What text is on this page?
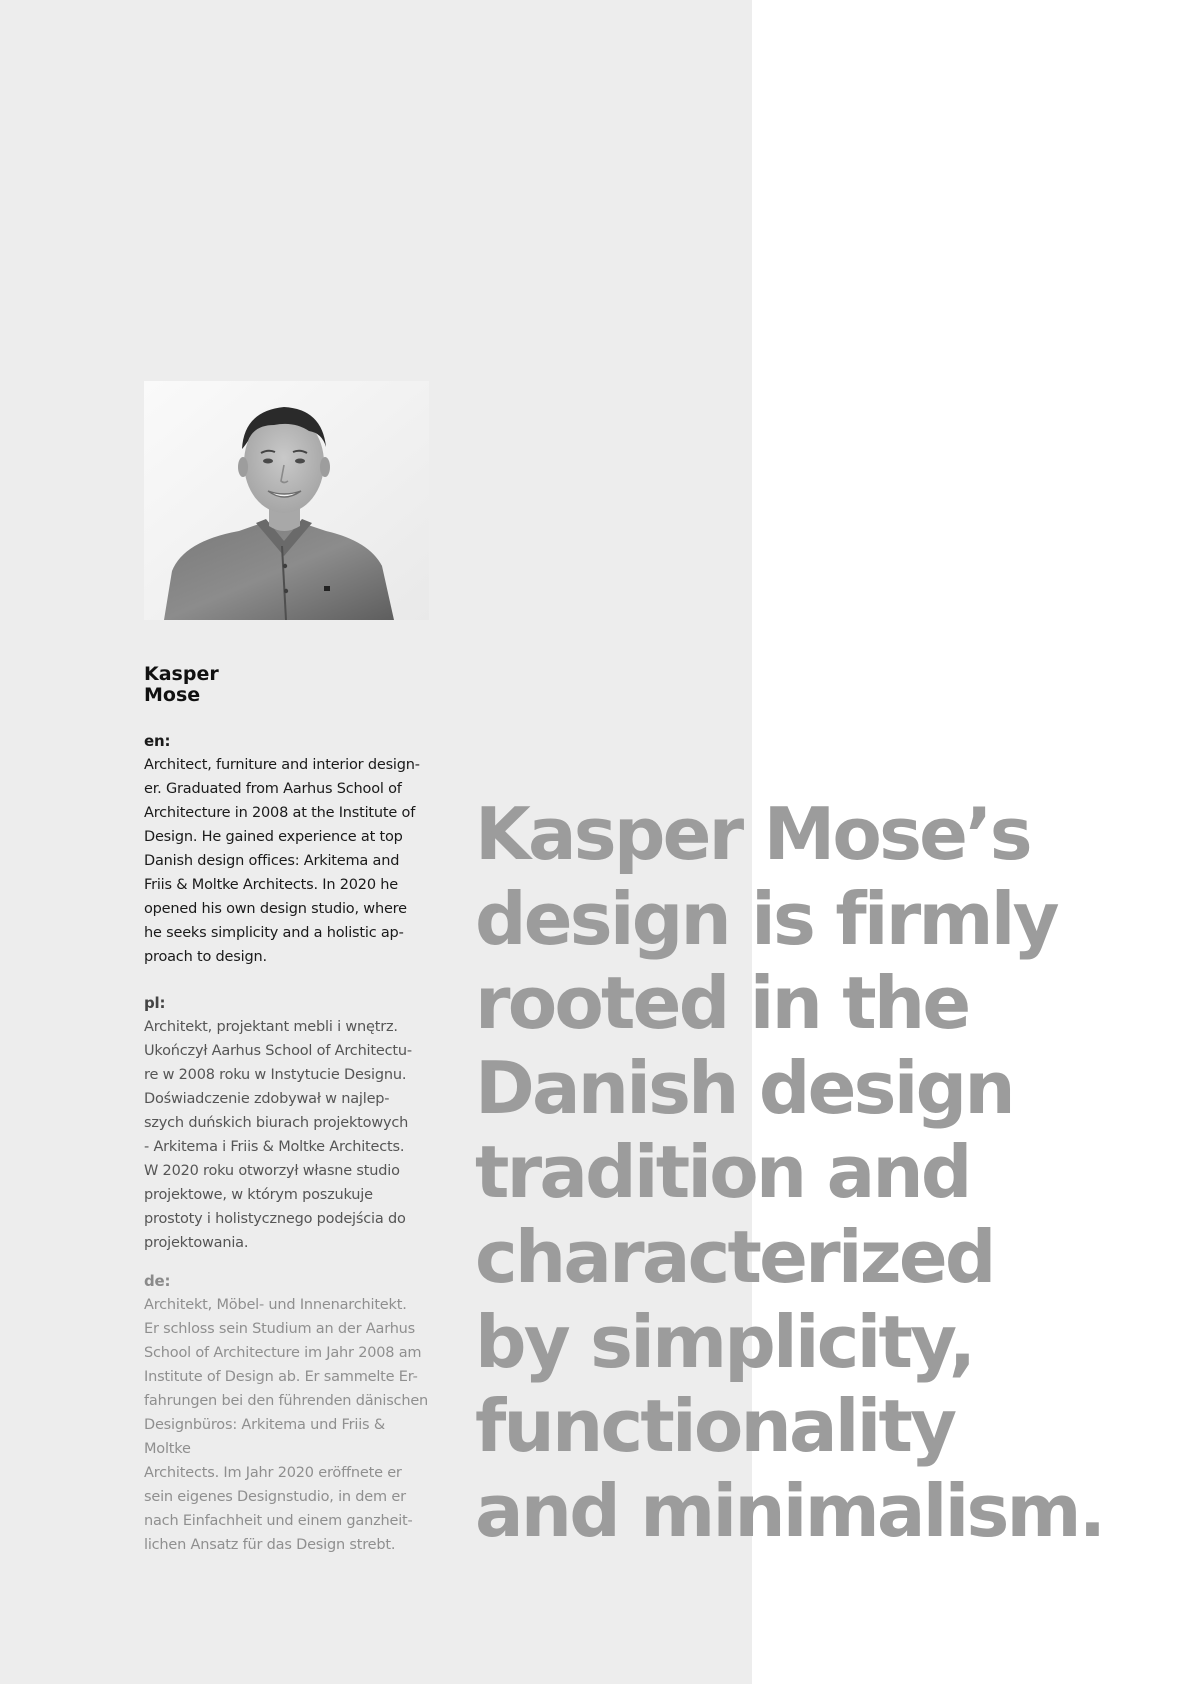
Kasper
Mose
en:
Architect, furniture and interior design-
er. Graduated from Aarhus School of
Architecture in 2008 at the Institute of
Design. He gained experience at top
Danish design offices: Arkitema and
Friis & Moltke Architects. In 2020 he
opened his own design studio, where
he seeks simplicity and a holistic ap-
proach to design.
pl:
Architekt, projektant mebli i wnętrz.
Ukończył Aarhus School of Architectu-
re w 2008 roku w Instytucie Designu.
Doświadczenie zdobywał w najlep-
szych duńskich biurach projektowych
- Arkitema i Friis & Moltke Architects.
W 2020 roku otworzył własne studio
projektowe, w którym poszukuje
prostoty i holistycznego podejścia do
projektowania.
de:
Architekt, Möbel- und Innenarchitekt.
Er schloss sein Studium an der Aarhus
School of Architecture im Jahr 2008 am
Institute of Design ab. Er sammelte Er-
fahrungen bei den führenden dänischen
Designbüros: Arkitema und Friis & Moltke
Architects. Im Jahr 2020 eröffnete er
sein eigenes Designstudio, in dem er
nach Einfachheit und einem ganzheit-
lichen Ansatz für das Design strebt.
Kasper Mose’s
design is firmly
rooted in the
Danish design
tradition and
characterized
by simplicity,
functionality
and minimalism.
